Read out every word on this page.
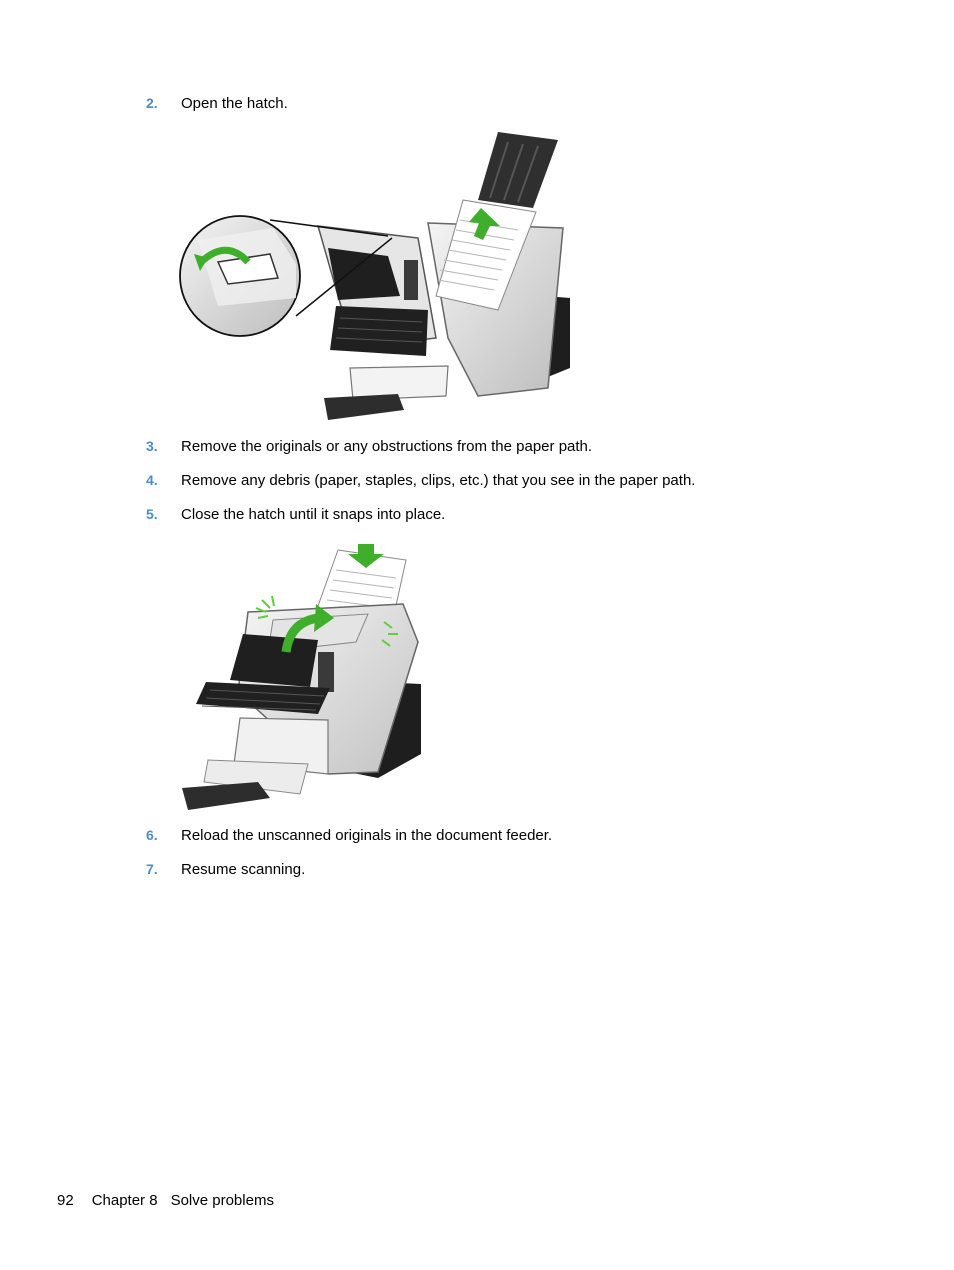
2. Open the hatch.
3. Remove the originals or any obstructions from the paper path.
4. Remove any debris (paper, staples, clips, etc.) that you see in the paper path.
5. Close the hatch until it snaps into place.
6. Reload the unscanned originals in the document feeder.
7. Resume scanning.
92 Chapter 8 Solve problems
